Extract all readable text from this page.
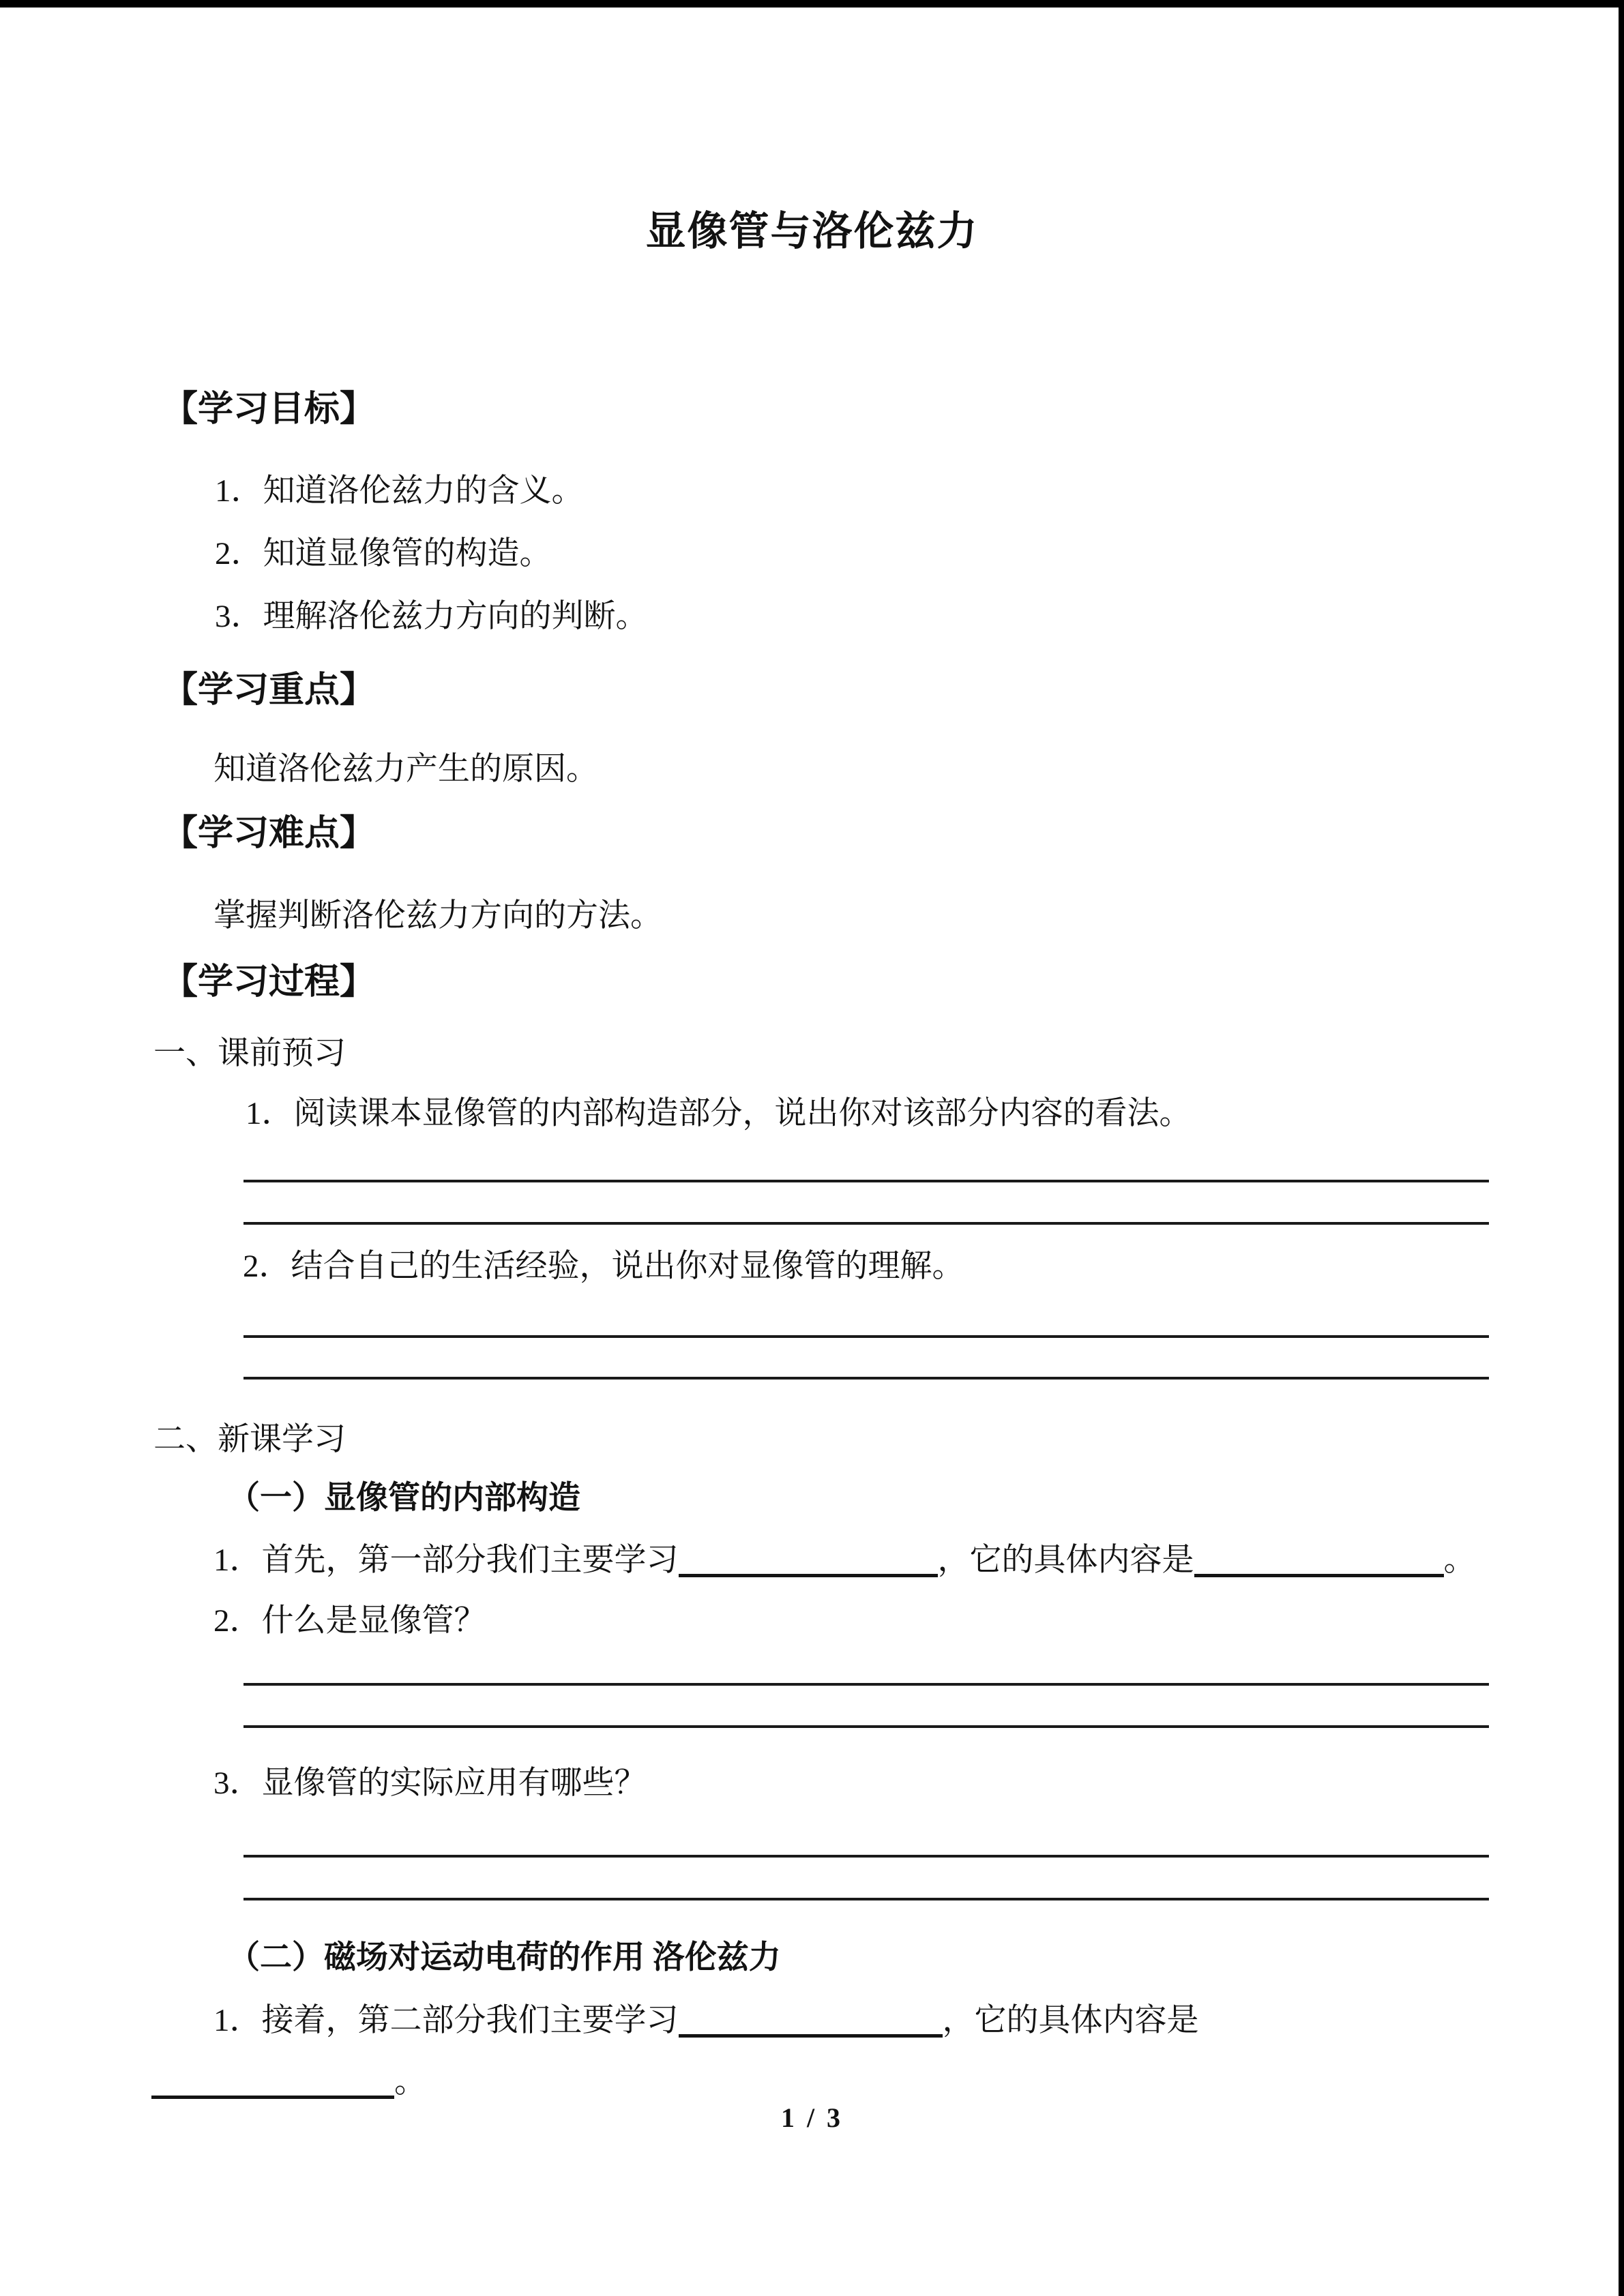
显像管与洛伦兹力
【学习目标】
1．知道洛伦兹力的含义。
2．知道显像管的构造。
3．理解洛伦兹力方向的判断。
【学习重点】
知道洛伦兹力产生的原因。
【学习难点】
掌握判断洛伦兹力方向的方法。
【学习过程】
一、课前预习
1．阅读课本显像管的内部构造部分，说出你对该部分内容的看法。
2．结合自己的生活经验，说出你对显像管的理解。
二、新课学习
（一）显像管的内部构造
1．首先，第一部分我们主要学习	，它的具体内容是	。
2．什么是显像管？
3．显像管的实际应用有哪些？
（二）磁场对运动电荷的作用 洛伦兹力
1．接着，第二部分我们主要学习	，它的具体内容是
。
1 / 3
